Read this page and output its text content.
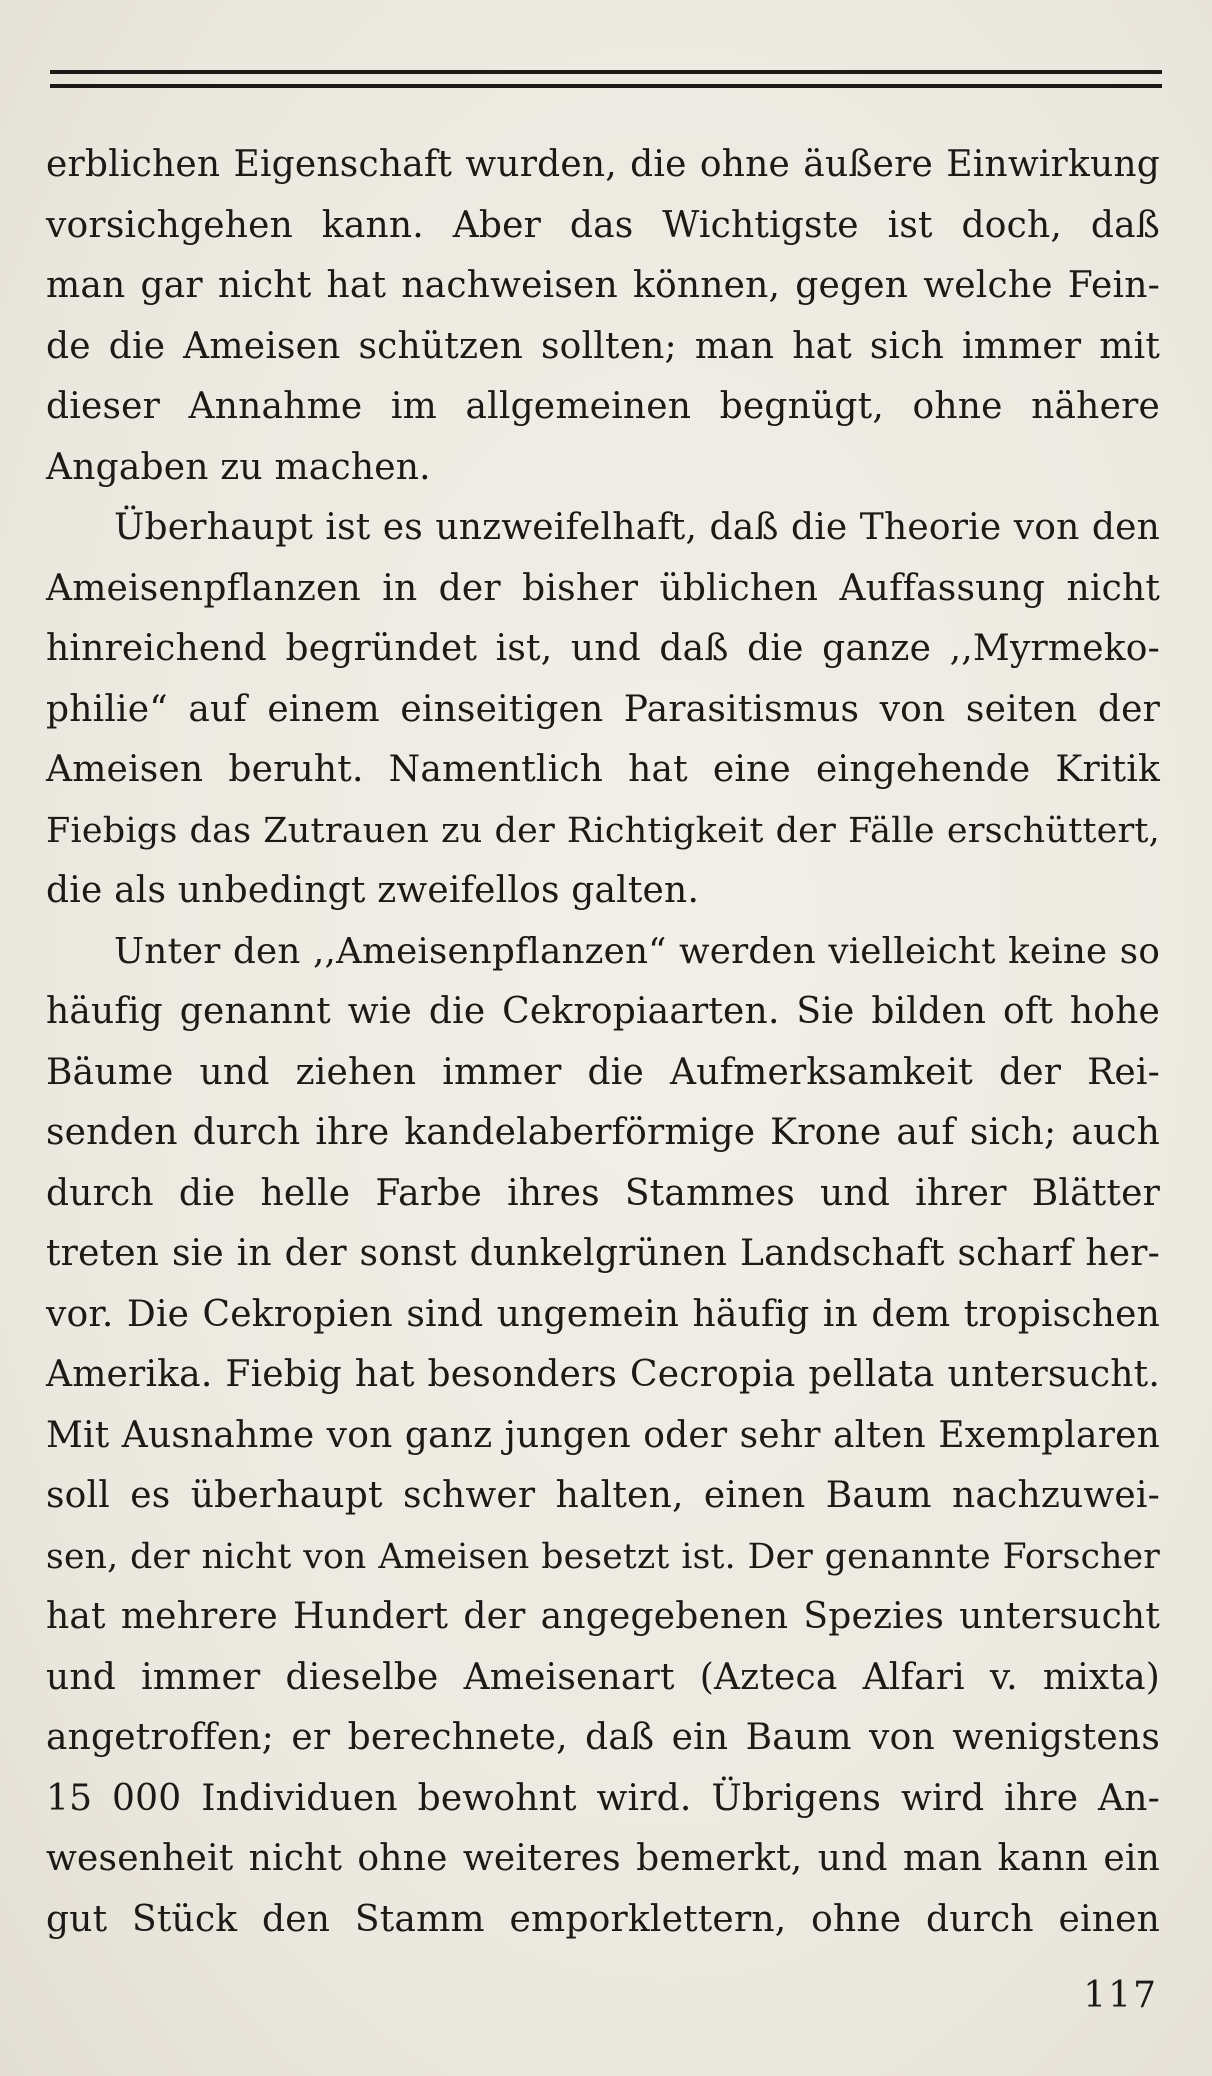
erblichen Eigenschaft wurden, die ohne äußere Einwirkung
vorsichgehen kann. Aber das Wichtigste ist doch, daß
man gar nicht hat nachweisen können, gegen welche Fein-
de die Ameisen schützen sollten; man hat sich immer mit
dieser Annahme im allgemeinen begnügt, ohne nähere
Angaben zu machen.

Überhaupt ist es unzweifelhaft, daß die Theorie von den
Ameisenpflanzen in der bisher üblichen Auffassung nicht
hinreichend begründet ist, und daß die ganze ,,Myrmeko-
philie“ auf einem einseitigen Parasitismus von seiten der
Ameisen beruht. Namentlich hat eine eingehende Kritik
Fiebigs das Zutrauen zu der Richtigkeit der Fälle erschüttert,
die als unbedingt zweifellos galten.

Unter den ,,Ameisenpflanzen“ werden vielleicht keine so
häufig genannt wie die Cekropiaarten. Sie bilden oft hohe
Bäume und ziehen immer die Aufmerksamkeit der Rei-
senden durch ihre kandelaberförmige Krone auf sich; auch
durch die helle Farbe ihres Stammes und ihrer Blätter
treten sie in der sonst dunkelgrünen Landschaft scharf her-
vor. Die Cekropien sind ungemein häufig in dem tropischen
Amerika. Fiebig hat besonders Cecropia pellata untersucht.
Mit Ausnahme von ganz jungen oder sehr alten Exemplaren
soll es überhaupt schwer halten, einen Baum nachzuwei-
sen, der nicht von Ameisen besetzt ist. Der genannte Forscher
hat mehrere Hundert der angegebenen Spezies untersucht
und immer dieselbe Ameisenart (Azteca Alfari v. mixta)
angetroffen; er berechnete, daß ein Baum von wenigstens
15 000 Individuen bewohnt wird. Übrigens wird ihre An-
wesenheit nicht ohne weiteres bemerkt, und man kann ein
gut Stück den Stamm emporklettern, ohne durch einen

117
